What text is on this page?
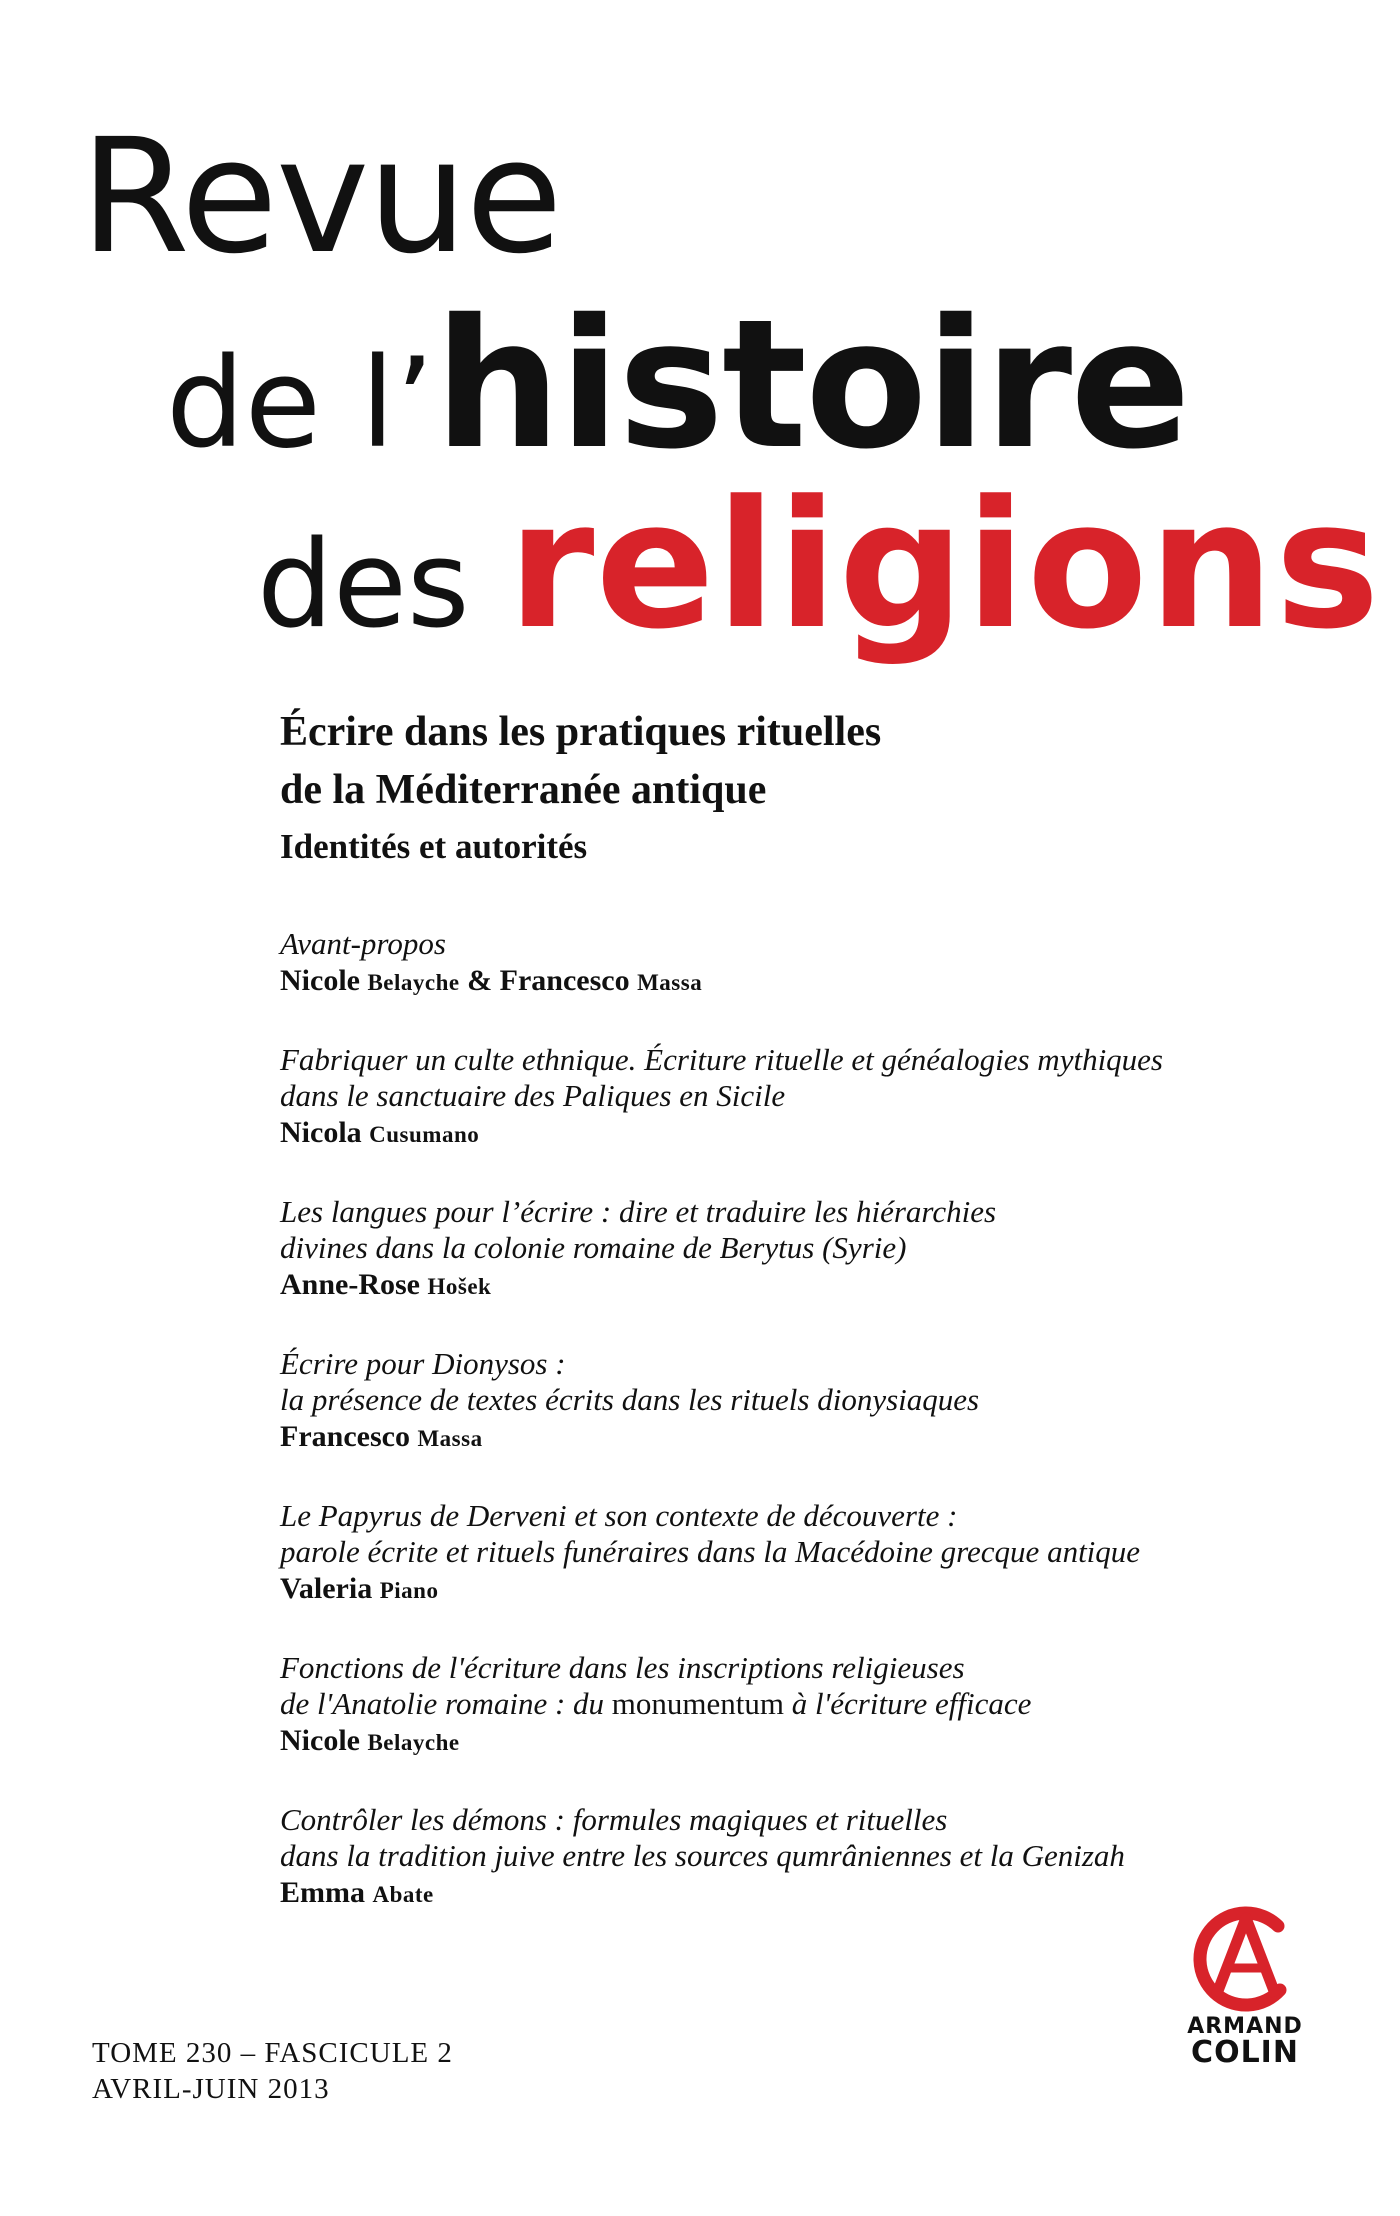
Revue
de l’histoire
des religions
Écrire dans les pratiques rituelles
de la Méditerranée antique
Identités et autorités
Avant-propos
Nicole Belayche & Francesco Massa
Fabriquer un culte ethnique. Écriture rituelle et généalogies mythiques
dans le sanctuaire des Paliques en Sicile
Nicola Cusumano
Les langues pour l’écrire : dire et traduire les hiérarchies
divines dans la colonie romaine de Berytus (Syrie)
Anne-Rose Hošek
Écrire pour Dionysos :
la présence de textes écrits dans les rituels dionysiaques
Francesco Massa
Le Papyrus de Derveni et son contexte de découverte :
parole écrite et rituels funéraires dans la Macédoine grecque antique
Valeria Piano
Fonctions de l'écriture dans les inscriptions religieuses
de l'Anatolie romaine : du monumentum à l'écriture efficace
Nicole Belayche
Contrôler les démons : formules magiques et rituelles
dans la tradition juive entre les sources qumrâniennes et la Genizah
Emma Abate
TOME 230 – FASCICULE 2
AVRIL-JUIN 2013
ARMAND
COLIN
